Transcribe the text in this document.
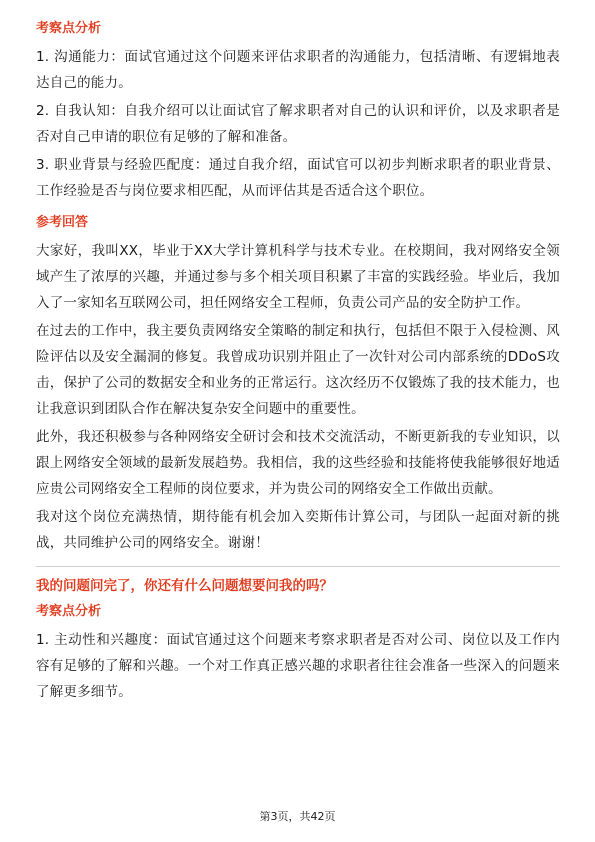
考察点分析

1. 沟通能力：面试官通过这个问题来评估求职者的沟通能力，包括清晰、有逻辑地表达自己的能力。

2. 自我认知：自我介绍可以让面试官了解求职者对自己的认识和评价，以及求职者是否对自己申请的职位有足够的了解和准备。

3. 职业背景与经验匹配度：通过自我介绍，面试官可以初步判断求职者的职业背景、工作经验是否与岗位要求相匹配，从而评估其是否适合这个职位。

参考回答

大家好，我叫XX，毕业于XX大学计算机科学与技术专业。在校期间，我对网络安全领域产生了浓厚的兴趣，并通过参与多个相关项目积累了丰富的实践经验。毕业后，我加入了一家知名互联网公司，担任网络安全工程师，负责公司产品的安全防护工作。

在过去的工作中，我主要负责网络安全策略的制定和执行，包括但不限于入侵检测、风险评估以及安全漏洞的修复。我曾成功识别并阻止了一次针对公司内部系统的DDoS攻击，保护了公司的数据安全和业务的正常运行。这次经历不仅锻炼了我的技术能力，也让我意识到团队合作在解决复杂安全问题中的重要性。

此外，我还积极参与各种网络安全研讨会和技术交流活动，不断更新我的专业知识，以跟上网络安全领域的最新发展趋势。我相信，我的这些经验和技能将使我能够很好地适应贵公司网络安全工程师的岗位要求，并为贵公司的网络安全工作做出贡献。

我对这个岗位充满热情，期待能有机会加入奕斯伟计算公司，与团队一起面对新的挑战，共同维护公司的网络安全。谢谢！

我的问题问完了，你还有什么问题想要问我的吗？
考察点分析

1. 主动性和兴趣度：面试官通过这个问题来考察求职者是否对公司、岗位以及工作内容有足够的了解和兴趣。一个对工作真正感兴趣的求职者往往会准备一些深入的问题来了解更多细节。

第3页，共42页
